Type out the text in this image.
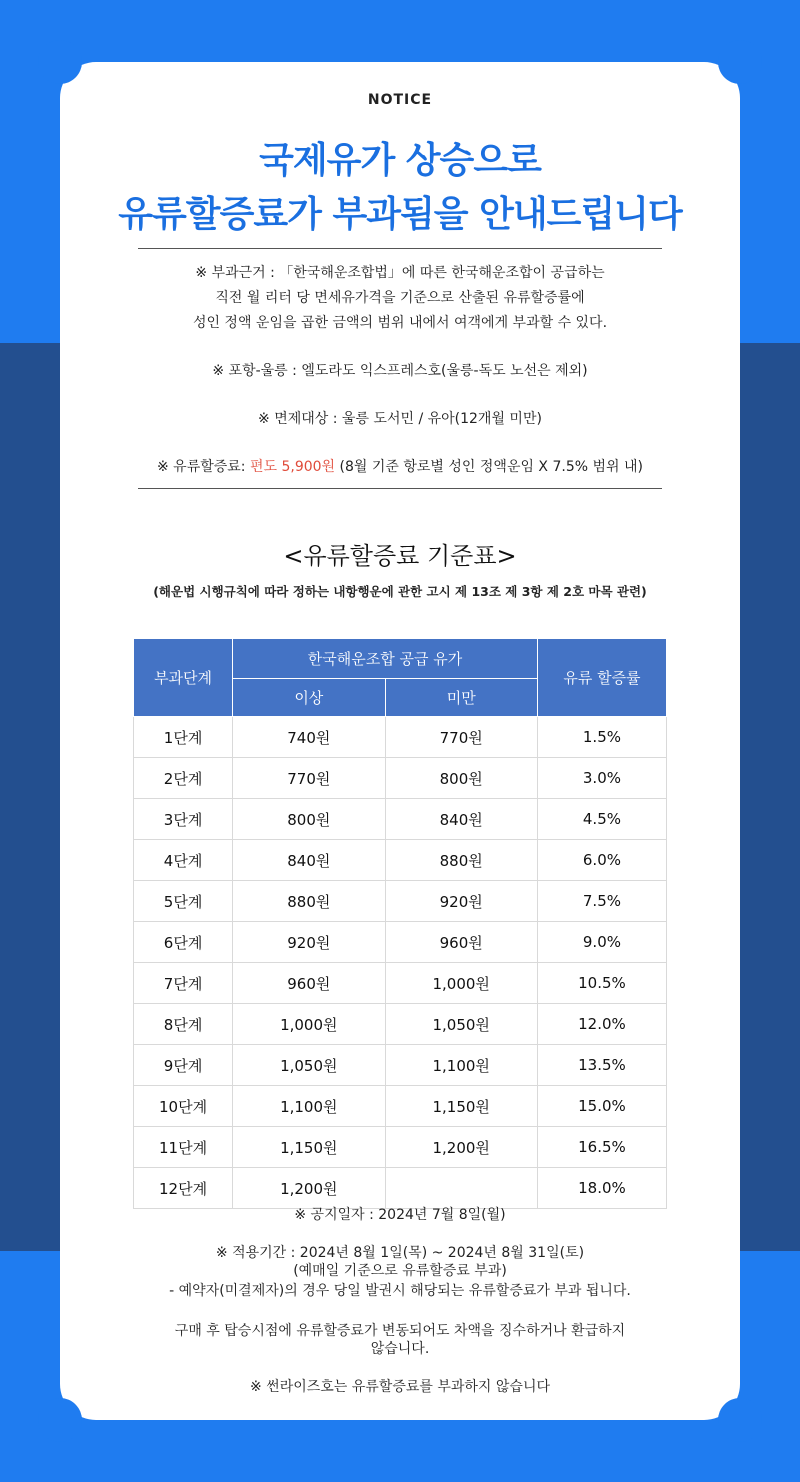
NOTICE
국제유가 상승으로
유류할증료가 부과됨을 안내드립니다
※ 부과근거 : 「한국해운조합법」에 따른 한국해운조합이 공급하는
직전 월 리터 당 면세유가격을 기준으로 산출된 유류할증률에
성인 정액 운임을 곱한 금액의 범위 내에서 여객에게 부과할 수 있다.
※ 포항-울릉 : 엘도라도 익스프레스호(울릉-독도 노선은 제외)
※ 면제대상 : 울릉 도서민 / 유아(12개월 미만)
※ 유류할증료: 편도 5,900원 (8월 기준 항로별 성인 정액운임 X 7.5% 범위 내)
<유류할증료 기준표>
(해운법 시행규칙에 따라 정하는 내항행운에 관한 고시 제 13조 제 3항 제 2호 마목 관련)
부과단계	한국해운조합 공급 유가		유류 할증률
	이상	미만	
1단계	740원	770원	1.5%
2단계	770원	800원	3.0%
3단계	800원	840원	4.5%
4단계	840원	880원	6.0%
5단계	880원	920원	7.5%
6단계	920원	960원	9.0%
7단계	960원	1,000원	10.5%
8단계	1,000원	1,050원	12.0%
9단계	1,050원	1,100원	13.5%
10단계	1,100원	1,150원	15.0%
11단계	1,150원	1,200원	16.5%
12단계	1,200원		18.0%
※ 공지일자 : 2024년 7월 8일(월)
※ 적용기간 : 2024년 8월 1일(목) ~ 2024년 8월 31일(토)
(예매일 기준으로 유류할증료 부과)
- 예약자(미결제자)의 경우 당일 발권시 해당되는 유류할증료가 부과 됩니다.
구매 후 탑승시점에 유류할증료가 변동되어도 차액을 징수하거나 환급하지
않습니다.
※ 썬라이즈호는 유류할증료를 부과하지 않습니다
